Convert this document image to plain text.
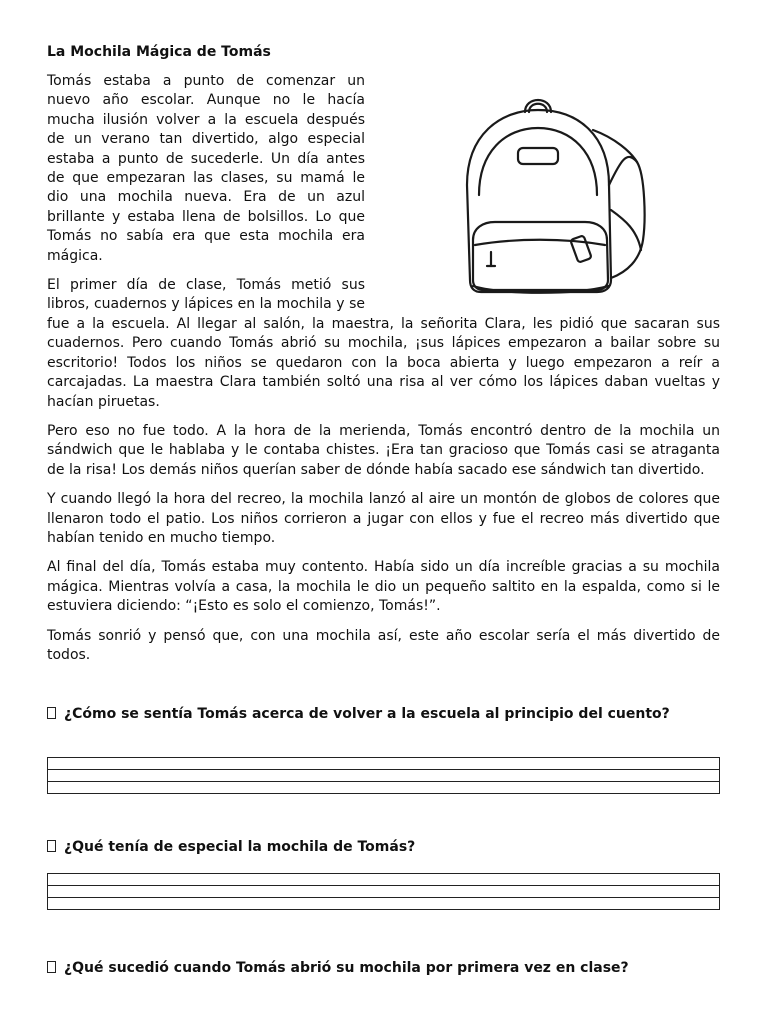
La Mochila Mágica de Tomás

Tomás estaba a punto de comenzar un nuevo año escolar. Aunque no le hacía mucha ilusión volver a la escuela después de un verano tan divertido, algo especial estaba a punto de sucederle. Un día antes de que empezaran las clases, su mamá le dio una mochila nueva. Era de un azul brillante y estaba llena de bolsillos. Lo que Tomás no sabía era que esta mochila era mágica.

El primer día de clase, Tomás metió sus libros, cuadernos y lápices en la mochila y se fue a la escuela. Al llegar al salón, la maestra, la señorita Clara, les pidió que sacaran sus cuadernos. Pero cuando Tomás abrió su mochila, ¡sus lápices empezaron a bailar sobre su escritorio! Todos los niños se quedaron con la boca abierta y luego empezaron a reír a carcajadas. La maestra Clara también soltó una risa al ver cómo los lápices daban vueltas y hacían piruetas.

Pero eso no fue todo. A la hora de la merienda, Tomás encontró dentro de la mochila un sándwich que le hablaba y le contaba chistes. ¡Era tan gracioso que Tomás casi se atraganta de la risa! Los demás niños querían saber de dónde había sacado ese sándwich tan divertido.

Y cuando llegó la hora del recreo, la mochila lanzó al aire un montón de globos de colores que llenaron todo el patio. Los niños corrieron a jugar con ellos y fue el recreo más divertido que habían tenido en mucho tiempo.

Al final del día, Tomás estaba muy contento. Había sido un día increíble gracias a su mochila mágica. Mientras volvía a casa, la mochila le dio un pequeño saltito en la espalda, como si le estuviera diciendo: “¡Esto es solo el comienzo, Tomás!”.

Tomás sonrió y pensó que, con una mochila así, este año escolar sería el más divertido de todos.

¿Cómo se sentía Tomás acerca de volver a la escuela al principio del cuento?
¿Qué tenía de especial la mochila de Tomás?
¿Qué sucedió cuando Tomás abrió su mochila por primera vez en clase?
